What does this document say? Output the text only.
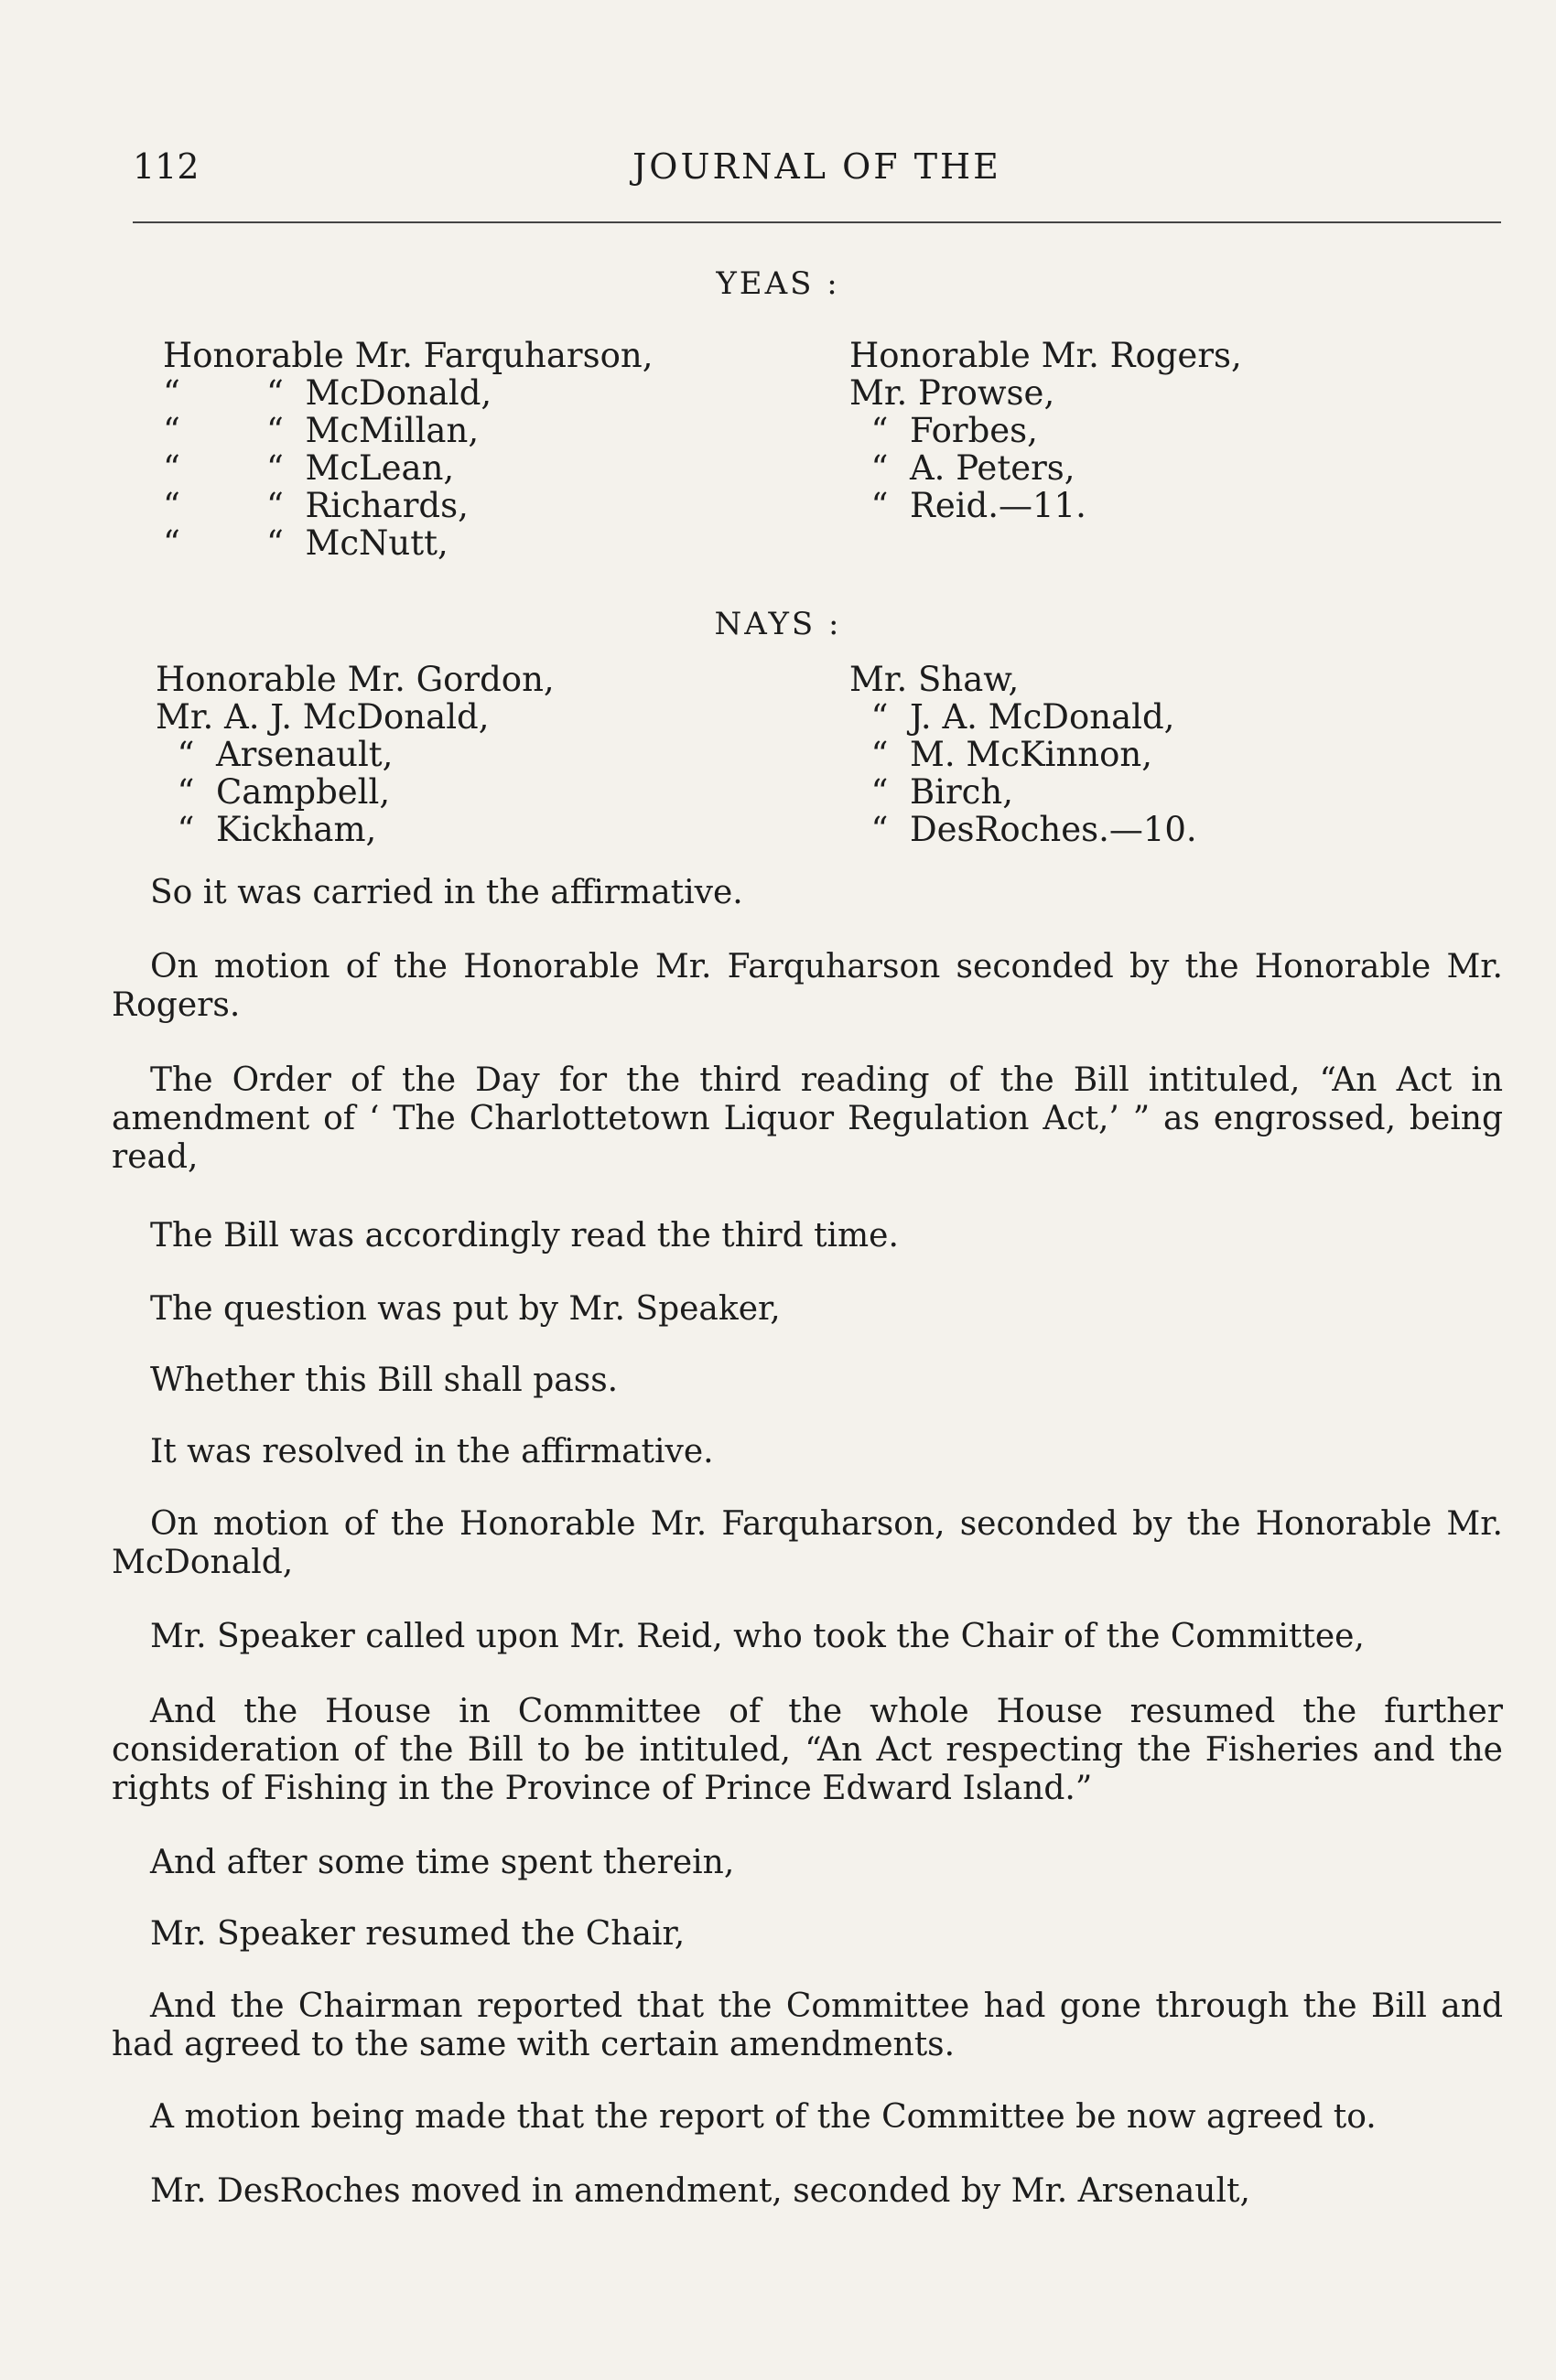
112	JOURNAL OF THE
YEAS :
Honorable Mr. Farquharson,
“        “  McDonald,
“        “  McMillan,
“        “  McLean,
“        “  Richards,
“        “  McNutt,
Honorable Mr. Rogers,
Mr. Prowse,
“  Forbes,
“  A. Peters,
“  Reid.—11.
NAYS :
Honorable Mr. Gordon,
Mr. A. J. McDonald,
“  Arsenault,
“  Campbell,
“  Kickham,
Mr. Shaw,
“  J. A. McDonald,
“  M. McKinnon,
“  Birch,
“  DesRoches.—10.

So it was carried in the affirmative.

On motion of the Honorable Mr. Farquharson seconded by the Honorable Mr. Rogers.

The Order of the Day for the third reading of the Bill intituled, “An Act in amendment of ‘ The Charlottetown Liquor Regulation Act,’ ” as engrossed, being read,

The Bill was accordingly read the third time.

The question was put by Mr. Speaker,

Whether this Bill shall pass.

It was resolved in the affirmative.

On motion of the Honorable Mr. Farquharson, seconded by the Honorable Mr. McDonald,

Mr. Speaker called upon Mr. Reid, who took the Chair of the Committee,

And the House in Committee of the whole House resumed the further consideration of the Bill to be intituled, “An Act respecting the Fisheries and the rights of Fishing in the Province of Prince Edward Island.”

And after some time spent therein,

Mr. Speaker resumed the Chair,

And the Chairman reported that the Committee had gone through the Bill and had agreed to the same with certain amendments.

A motion being made that the report of the Committee be now agreed to.

Mr. DesRoches moved in amendment, seconded by Mr. Arsenault,
